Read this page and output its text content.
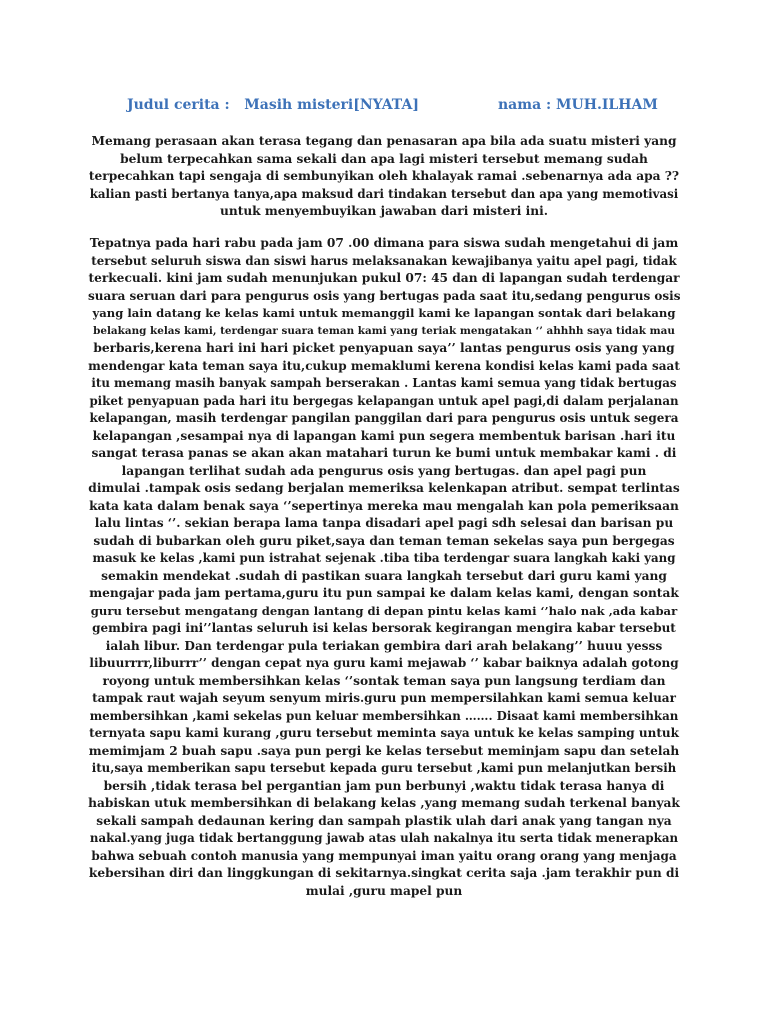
Judul cerita :   Masih misteri[NYATA]	nama : MUH.ILHAM
Memang perasaan akan terasa tegang dan penasaran apa bila ada suatu misteri yang
belum terpecahkan sama sekali dan apa lagi misteri tersebut memang sudah
terpecahkan tapi sengaja di sembunyikan oleh khalayak ramai .sebenarnya ada apa ??
kalian pasti bertanya tanya,apa maksud dari tindakan tersebut dan apa yang memotivasi
untuk menyembuyikan jawaban dari misteri ini.
Tepatnya pada hari rabu pada jam 07 .00 dimana para siswa sudah mengetahui di jam
tersebut seluruh siswa dan siswi harus melaksanakan kewajibanya yaitu apel pagi, tidak
terkecuali. kini jam sudah menunjukan pukul 07: 45 dan di lapangan sudah terdengar
suara seruan dari para pengurus osis yang bertugas pada saat itu,sedang pengurus osis
yang lain datang ke kelas kami untuk memanggil kami ke lapangan sontak dari belakang
belakang kelas kami, terdengar suara teman kami yang teriak mengatakan ‘’ ahhhh saya tidak mau
berbaris,kerena hari ini hari picket penyapuan saya’’ lantas pengurus osis yang yang
mendengar kata teman saya itu,cukup memaklumi kerena kondisi kelas kami pada saat
itu memang masih banyak sampah berserakan . Lantas kami semua yang tidak bertugas
piket penyapuan pada hari itu bergegas kelapangan untuk apel pagi,di dalam perjalanan
kelapangan, masih terdengar pangilan panggilan dari para pengurus osis untuk segera
kelapangan ,sesampai nya di lapangan kami pun segera membentuk barisan .hari itu
sangat terasa panas se akan akan matahari turun ke bumi untuk membakar kami . di
lapangan terlihat sudah ada pengurus osis yang bertugas. dan apel pagi pun
dimulai .tampak osis sedang berjalan memeriksa kelenkapan atribut. sempat terlintas
kata kata dalam benak saya ‘’sepertinya mereka mau mengalah kan pola pemeriksaan
lalu lintas ‘’. sekian berapa lama tanpa disadari apel pagi sdh selesai dan barisan pu
sudah di bubarkan oleh guru piket,saya dan teman teman sekelas saya pun bergegas
masuk ke kelas ,kami pun istrahat sejenak .tiba tiba terdengar suara langkah kaki yang
semakin mendekat .sudah di pastikan suara langkah tersebut dari guru kami yang
mengajar pada jam pertama,guru itu pun sampai ke dalam kelas kami, dengan sontak
guru tersebut mengatang dengan lantang di depan pintu kelas kami ‘’halo nak ,ada kabar
gembira pagi ini’’lantas seluruh isi kelas bersorak kegirangan mengira kabar tersebut
ialah libur. Dan terdengar pula teriakan gembira dari arah belakang’’ huuu yesss
libuurrrr,liburrr’’ dengan cepat nya guru kami mejawab ‘’ kabar baiknya adalah gotong
royong untuk membersihkan kelas ‘’sontak teman saya pun langsung terdiam dan
tampak raut wajah seyum senyum miris.guru pun mempersilahkan kami semua keluar
membersihkan ,kami sekelas pun keluar membersihkan ……. Disaat kami membersihkan
ternyata sapu kami kurang ,guru tersebut meminta saya untuk ke kelas samping untuk
memimjam 2 buah sapu .saya pun pergi ke kelas tersebut meminjam sapu dan setelah
itu,saya memberikan sapu tersebut kepada guru tersebut ,kami pun melanjutkan bersih
bersih ,tidak terasa bel pergantian jam pun berbunyi ,waktu tidak terasa hanya di
habiskan utuk membersihkan di belakang kelas ,yang memang sudah terkenal banyak
sekali sampah dedaunan kering dan sampah plastik ulah dari anak yang tangan nya
nakal.yang juga tidak bertanggung jawab atas ulah nakalnya itu serta tidak menerapkan
bahwa sebuah contoh manusia yang mempunyai iman yaitu orang orang yang menjaga
kebersihan diri dan linggkungan di sekitarnya.singkat cerita saja .jam terakhir pun di
mulai ,guru mapel pun
